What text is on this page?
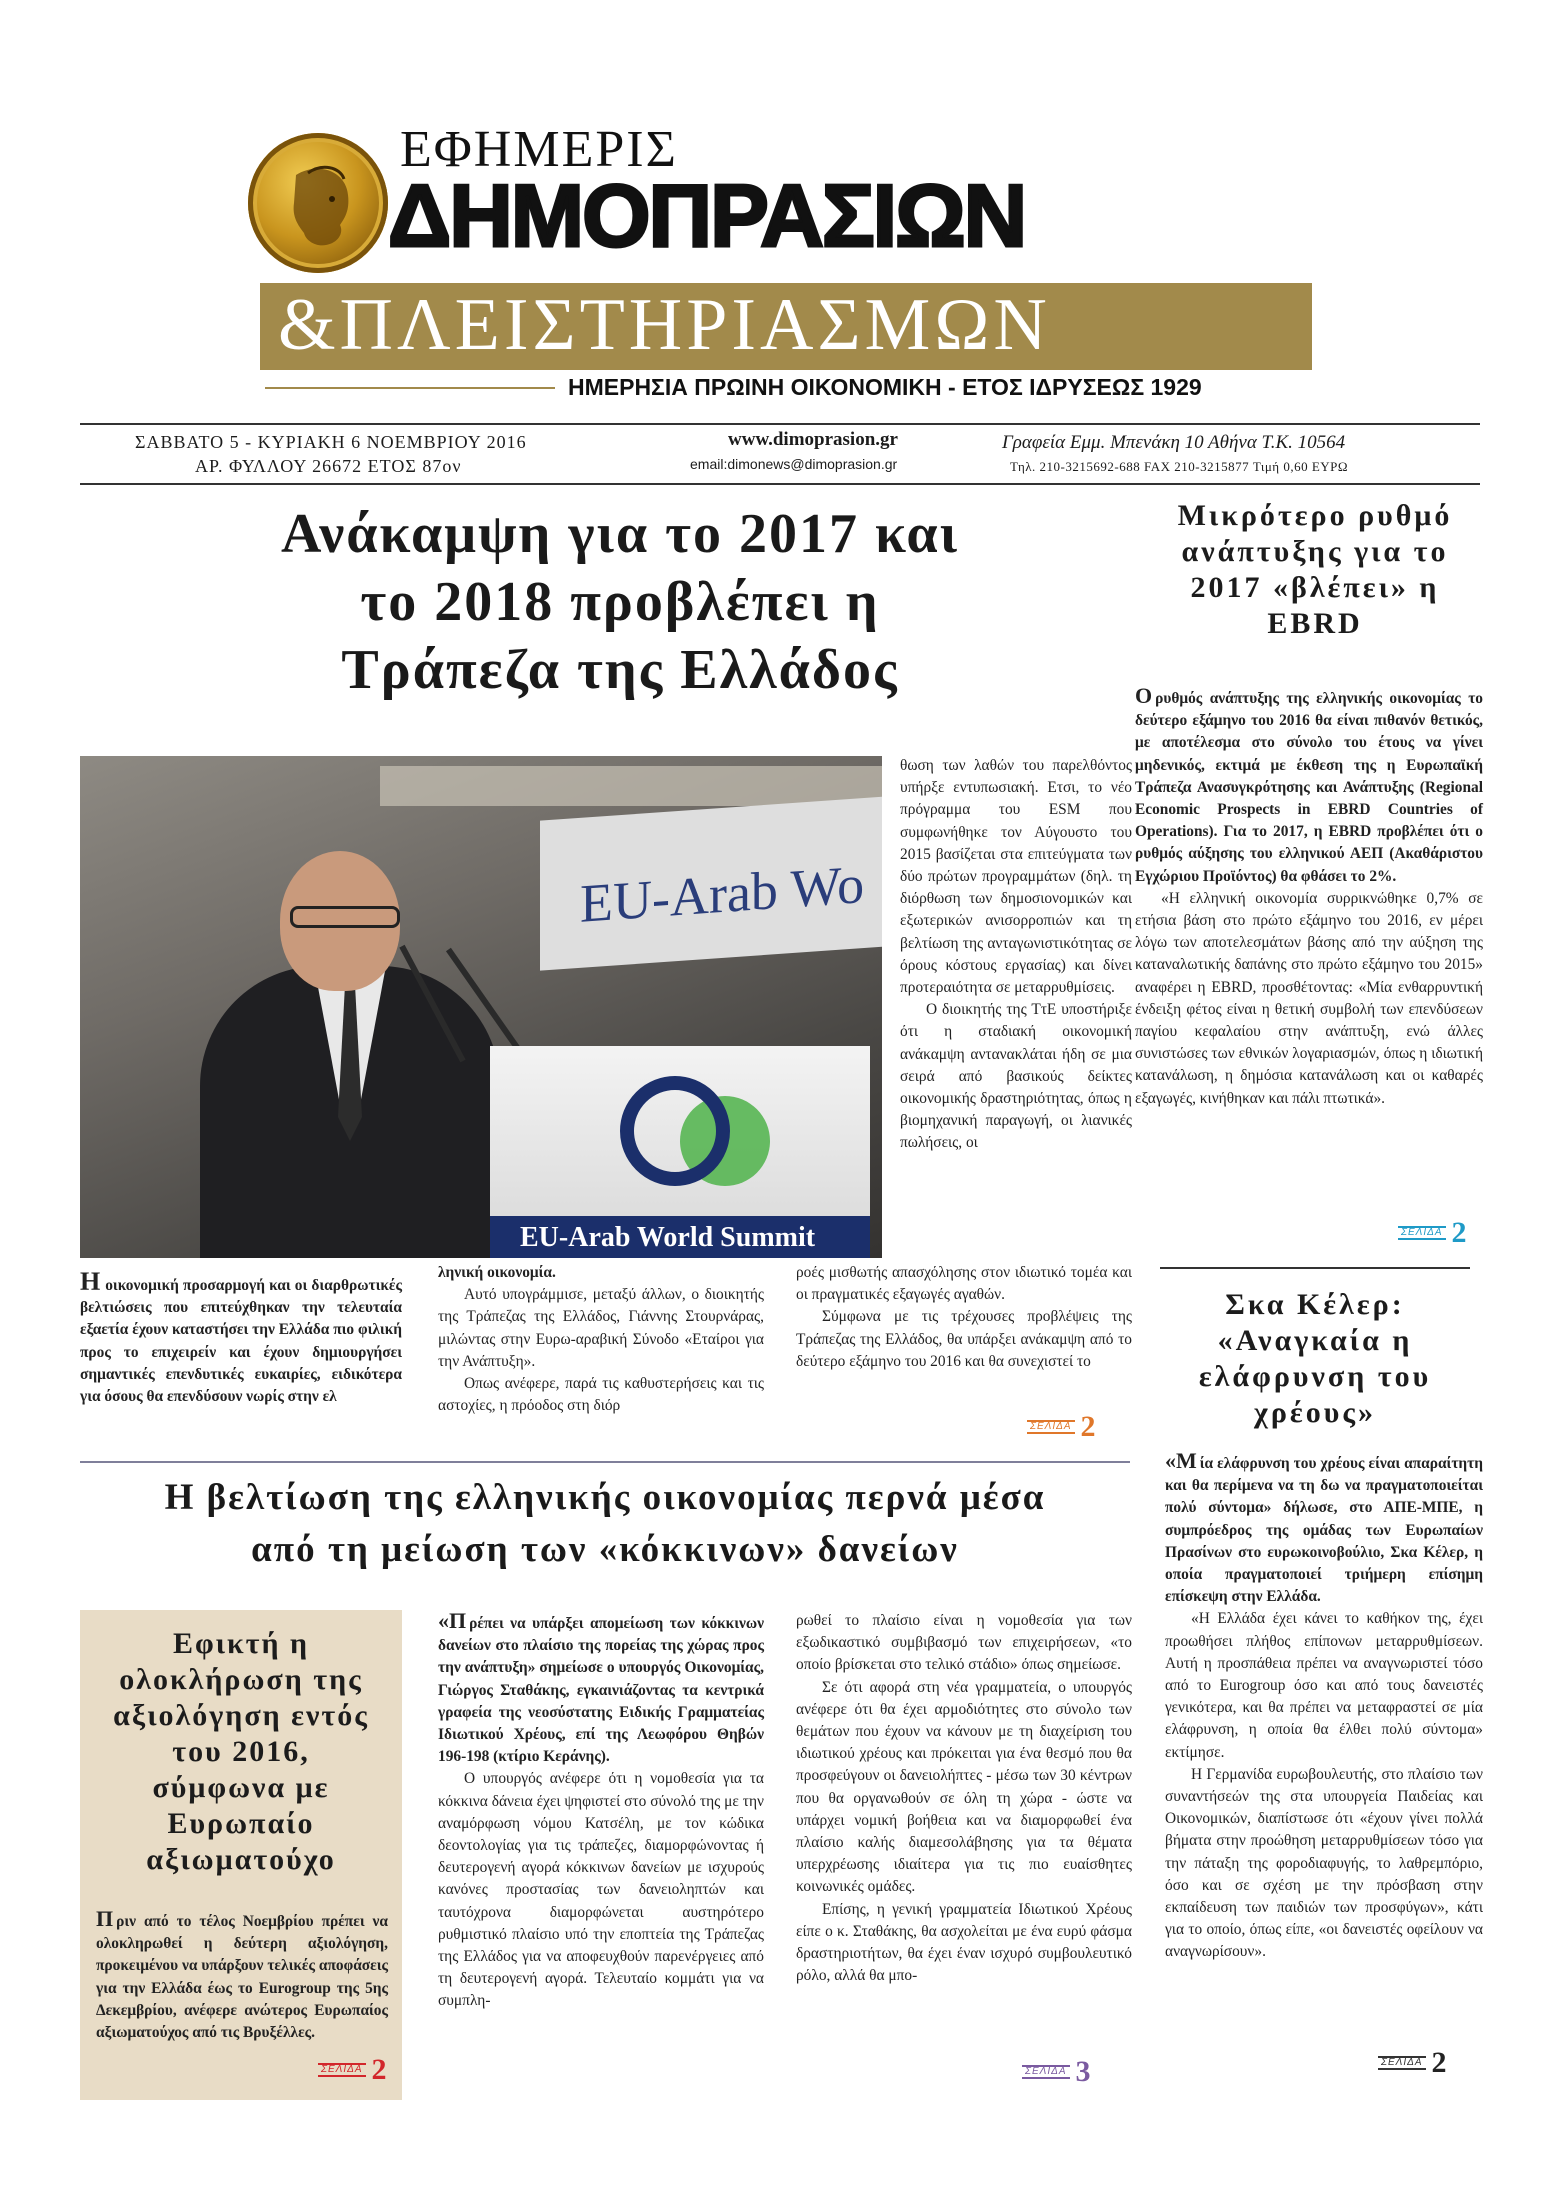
ΕΦΗΜΕΡΙΣ
ΔΗΜΟΠΡΑΣΙΩΝ
&ΠΛΕΙΣΤΗΡΙΑΣΜΩΝ
ΗΜΕΡΗΣΙΑ ΠΡΩΙΝΗ ΟΙΚΟΝΟΜΙΚΗ - ΕΤΟΣ ΙΔΡΥΣΕΩΣ 1929
ΣΑΒΒΑΤΟ 5 - ΚΥΡΙΑΚΗ 6 ΝΟΕΜΒΡΙΟΥ 2016
ΑΡ. ΦΥΛΛΟΥ 26672 ΕΤΟΣ 87ον
www.dimoprasion.gr
email:dimonews@dimoprasion.gr
Γραφεία Εμμ. Μπενάκη 10 Αθήνα Τ.Κ. 10564
Τηλ. 210-3215692-688 FAX 210-3215877 Τιμή 0,60 ΕΥΡΩ
Ανάκαμψη για το 2017 και
το 2018 προβλέπει η
Τράπεζα της Ελλάδος
EU-Arab Wo
EU-Arab World Summit

θωση των λαθών του παρελθόντος υπήρξε εντυπωσιακή. Ετσι, το νέο πρόγραμμα του ESM που συμφωνήθηκε τον Αύγουστο του 2015 βασίζεται στα επιτεύγματα των δύο πρώτων προγραμμάτων (δηλ. τη διόρθωση των δημοσιονομικών και εξωτερικών ανισορροπιών και τη βελτίωση της ανταγωνιστικότητας σε όρους κόστους εργασίας) και δίνει προτεραιότητα σε μεταρρυθμίσεις.

Ο διοικητής της ΤτΕ υποστήριξε ότι η σταδιακή οικονομική ανάκαμψη αντανακλάται ήδη σε μια σειρά από βασικούς δείκτες οικονομικής δραστηριότητας, όπως η βιομηχανική παραγωγή, οι λιανικές πωλήσεις, οι

Ηοικονομική προσαρμογή και οι διαρθρωτικές βελτιώσεις που επιτεύχθηκαν την τελευταία εξαετία έχουν καταστήσει την Ελλάδα πιο φιλική προς το επιχειρείν και έχουν δημιουργήσει σημαντικές επενδυτικές ευκαιρίες, ειδικότερα για όσους θα επενδύσουν νωρίς στην ελ

ληνική οικονομία.

Αυτό υπογράμμισε, μεταξύ άλλων, ο διοικητής της Τράπεζας της Ελλάδος, Γιάννης Στουρνάρας, μιλώντας στην Ευρω-αραβική Σύνοδο «Εταίροι για την Ανάπτυξη».

Οπως ανέφερε, παρά τις καθυστερήσεις και τις αστοχίες, η πρόοδος στη διόρ

ροές μισθωτής απασχόλησης στον ιδιωτικό τομέα και οι πραγματικές εξαγωγές αγαθών.

Σύμφωνα με τις τρέχουσες προβλέψεις της Τράπεζας της Ελλάδος, θα υπάρξει ανάκαμψη από το δεύτερο εξάμηνο του 2016 και θα συνεχιστεί το

ΣΕΛΙΔΑ 2
Μικρότερο ρυθμό
ανάπτυξης για το
2017 «βλέπει» η
EBRD

Ο ρυθμός ανάπτυξης της ελληνικής οικονομίας το δεύτερο εξάμηνο του 2016 θα είναι πιθανόν θετικός, με αποτέλεσμα στο σύνολο του έτους να γίνει μηδενικός, εκτιμά με έκθεση της η Ευρωπαϊκή Τράπεζα Ανασυγκρότησης και Ανάπτυξης (Regional Economic Prospects in EBRD Countries of Operations). Για το 2017, η EBRD προβλέπει ότι ο ρυθμός αύξησης του ελληνικού ΑΕΠ (Ακαθάριστου Εγχώριου Προϊόντος) θα φθάσει το 2%.

«Η ελληνική οικονομία συρρικνώθηκε 0,7% σε ετήσια βάση στο πρώτο εξάμηνο του 2016, εν μέρει λόγω των αποτελεσμάτων βάσης από την αύξηση της καταναλωτικής δαπάνης στο πρώτο εξάμηνο του 2015» αναφέρει η EBRD, προσθέτοντας: «Μία ενθαρρυντική ένδειξη φέτος είναι η θετική συμβολή των επενδύσεων παγίου κεφαλαίου στην ανάπτυξη, ενώ άλλες συνιστώσες των εθνικών λογαριασμών, όπως η ιδιωτική κατανάλωση, η δημόσια κατανάλωση και οι καθαρές εξαγωγές, κινήθηκαν και πάλι πτωτικά».

ΣΕΛΙΔΑ 2
Σκα Κέλερ:
«Αναγκαία η
ελάφρυνση του
χρέους»

«Μ ία ελάφρυνση του χρέους είναι απαραίτητη και θα περίμενα να τη δω να πραγματοποιείται πολύ σύντομα» δήλωσε, στο ΑΠΕ-ΜΠΕ, η συμπρόεδρος της ομάδας των Ευρωπαίων Πρασίνων στο ευρωκοινοβούλιο, Σκα Κέλερ, η οποία πραγματοποιεί τριήμερη επίσημη επίσκεψη στην Ελλάδα.

«Η Ελλάδα έχει κάνει το καθήκον της, έχει προωθήσει πλήθος επίπονων μεταρρυθμίσεων. Αυτή η προσπάθεια πρέπει να αναγνωριστεί τόσο από το Eurogroup όσο και από τους δανειστές γενικότερα, και θα πρέπει να μεταφραστεί σε μία ελάφρυνση, η οποία θα έλθει πολύ σύντομα» εκτίμησε.

Η Γερμανίδα ευρωβουλευτής, στο πλαίσιο των συναντήσεών της στα υπουργεία Παιδείας και Οικονομικών, διαπίστωσε ότι «έχουν γίνει πολλά βήματα στην προώθηση μεταρρυθμίσεων τόσο για την πάταξη της φοροδιαφυγής, το λαθρεμπόριο, όσο και σε σχέση με την πρόσβαση στην εκπαίδευση των παιδιών των προσφύγων», κάτι για το οποίο, όπως είπε, «οι δανειστές οφείλουν να αναγνωρίσουν».

ΣΕΛΙΔΑ 2
Η βελτίωση της ελληνικής οικονομίας περνά μέσα
από τη μείωση των «κόκκινων» δανείων

«Π ρέπει να υπάρξει απομείωση των κόκκινων δανείων στο πλαίσιο της πορείας της χώρας προς την ανάπτυξη» σημείωσε ο υπουργός Οικονομίας, Γιώργος Σταθάκης, εγκαινιάζοντας τα κεντρικά γραφεία της νεοσύστατης Ειδικής Γραμματείας Ιδιωτικού Χρέους, επί της Λεωφόρου Θηβών 196-198 (κτίριο Κεράνης).

Ο υπουργός ανέφερε ότι η νομοθεσία για τα κόκκινα δάνεια έχει ψηφιστεί στο σύνολό της με την αναμόρφωση νόμου Κατσέλη, με τον κώδικα δεοντολογίας για τις τράπεζες, διαμορφώνοντας ή δευτερογενή αγορά κόκκινων δανείων με ισχυρούς κανόνες προστασίας των δανειοληπτών και ταυτόχρονα διαμορφώνεται αυστηρότερο ρυθμιστικό πλαίσιο υπό την εποπτεία της Τράπεζας της Ελλάδος για να αποφευχθούν παρενέργειες από τη δευτερογενή αγορά. Τελευταίο κομμάτι για να συμπλη-

ρωθεί το πλαίσιο είναι η νομοθεσία για των εξωδικαστικό συμβιβασμό των επιχειρήσεων, «το οποίο βρίσκεται στο τελικό στάδιο» όπως σημείωσε.

Σε ότι αφορά στη νέα γραμματεία, ο υπουργός ανέφερε ότι θα έχει αρμοδιότητες στο σύνολο των θεμάτων που έχουν να κάνουν με τη διαχείριση του ιδιωτικού χρέους και πρόκειται για ένα θεσμό που θα προσφεύγουν οι δανειολήπτες - μέσω των 30 κέντρων που θα οργανωθούν σε όλη τη χώρα - ώστε να υπάρχει νομική βοήθεια και να διαμορφωθεί ένα πλαίσιο καλής διαμεσολάβησης για τα θέματα υπερχρέωσης ιδιαίτερα για τις πιο ευαίσθητες κοινωνικές ομάδες.

Επίσης, η γενική γραμματεία Ιδιωτικού Χρέους είπε ο κ. Σταθάκης, θα ασχολείται με ένα ευρύ φάσμα δραστηριοτήτων, θα έχει έναν ισχυρό συμβουλευτικό ρόλο, αλλά θα μπο-

ΣΕΛΙΔΑ 3
Εφικτή η
ολοκλήρωση της
αξιολόγηση εντός
του 2016,
σύμφωνα με
Ευρωπαίο
αξιωματούχο

Π ριν από το τέλος Νοεμβρίου πρέπει να ολοκληρωθεί η δεύτερη αξιολόγηση, προκειμένου να υπάρξουν τελικές αποφάσεις για την Ελλάδα έως το Eurogroup της 5ης Δεκεμβρίου, ανέφερε ανώτερος Ευρωπαίος αξιωματούχος από τις Βρυξέλλες.

ΣΕΛΙΔΑ 2
